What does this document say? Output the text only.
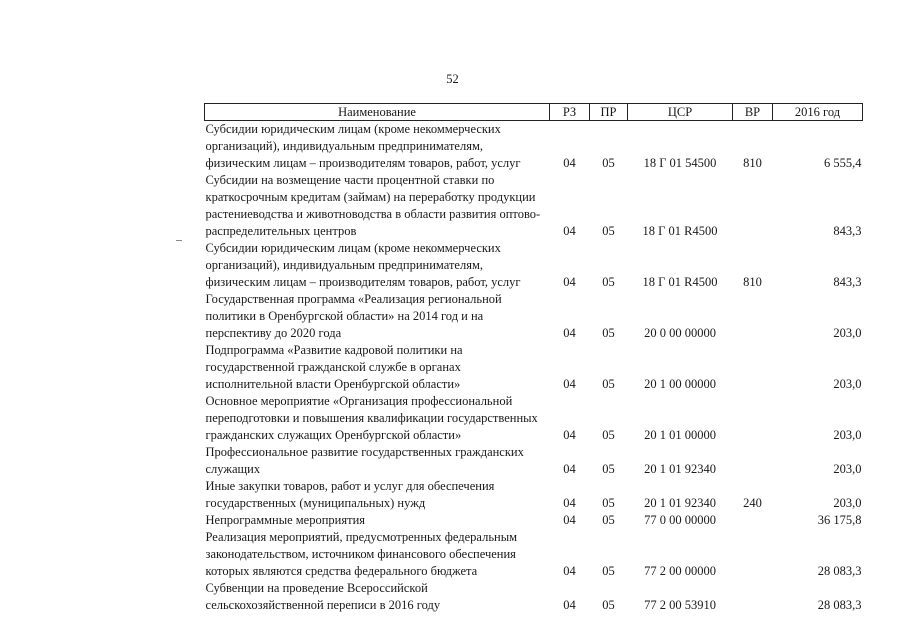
52
Наименование	РЗ	ПР	ЦСР	ВР	2016 год
Субсидии юридическим лицам (кроме некоммерческих
организаций), индивидуальным предпринимателям,
физическим лицам – производителям товаров, работ, услуг	04	05	18 Г 01 54500	810	6 555,4
Субсидии на возмещение части процентной ставки по
краткосрочным кредитам (займам) на переработку продукции
растениеводства и животноводства в области развития оптово-
распределительных центров	04	05	18 Г 01 R4500		843,3
Субсидии юридическим лицам (кроме некоммерческих
организаций), индивидуальным предпринимателям,
физическим лицам – производителям товаров, работ, услуг	04	05	18 Г 01 R4500	810	843,3
Государственная программа «Реализация региональной
политики в Оренбургской области» на 2014 год и на
перспективу до 2020 года	04	05	20 0 00 00000		203,0
Подпрограмма «Развитие кадровой политики на
государственной гражданской службе в органах
исполнительной власти Оренбургской области»	04	05	20 1 00 00000		203,0
Основное мероприятие «Организация профессиональной
переподготовки и повышения квалификации государственных
гражданских служащих Оренбургской области»	04	05	20 1 01 00000		203,0
Профессиональное развитие государственных гражданских
служащих	04	05	20 1 01 92340		203,0
Иные закупки товаров, работ и услуг для обеспечения
государственных (муниципальных) нужд	04	05	20 1 01 92340	240	203,0
Непрограммные мероприятия	04	05	77 0 00 00000		36 175,8
Реализация мероприятий, предусмотренных федеральным
законодательством, источником финансового обеспечения
которых являются средства федерального бюджета	04	05	77 2 00 00000		28 083,3
Субвенции на проведение Всероссийской
сельскохозяйственной переписи в 2016 году	04	05	77 2 00 53910		28 083,3
